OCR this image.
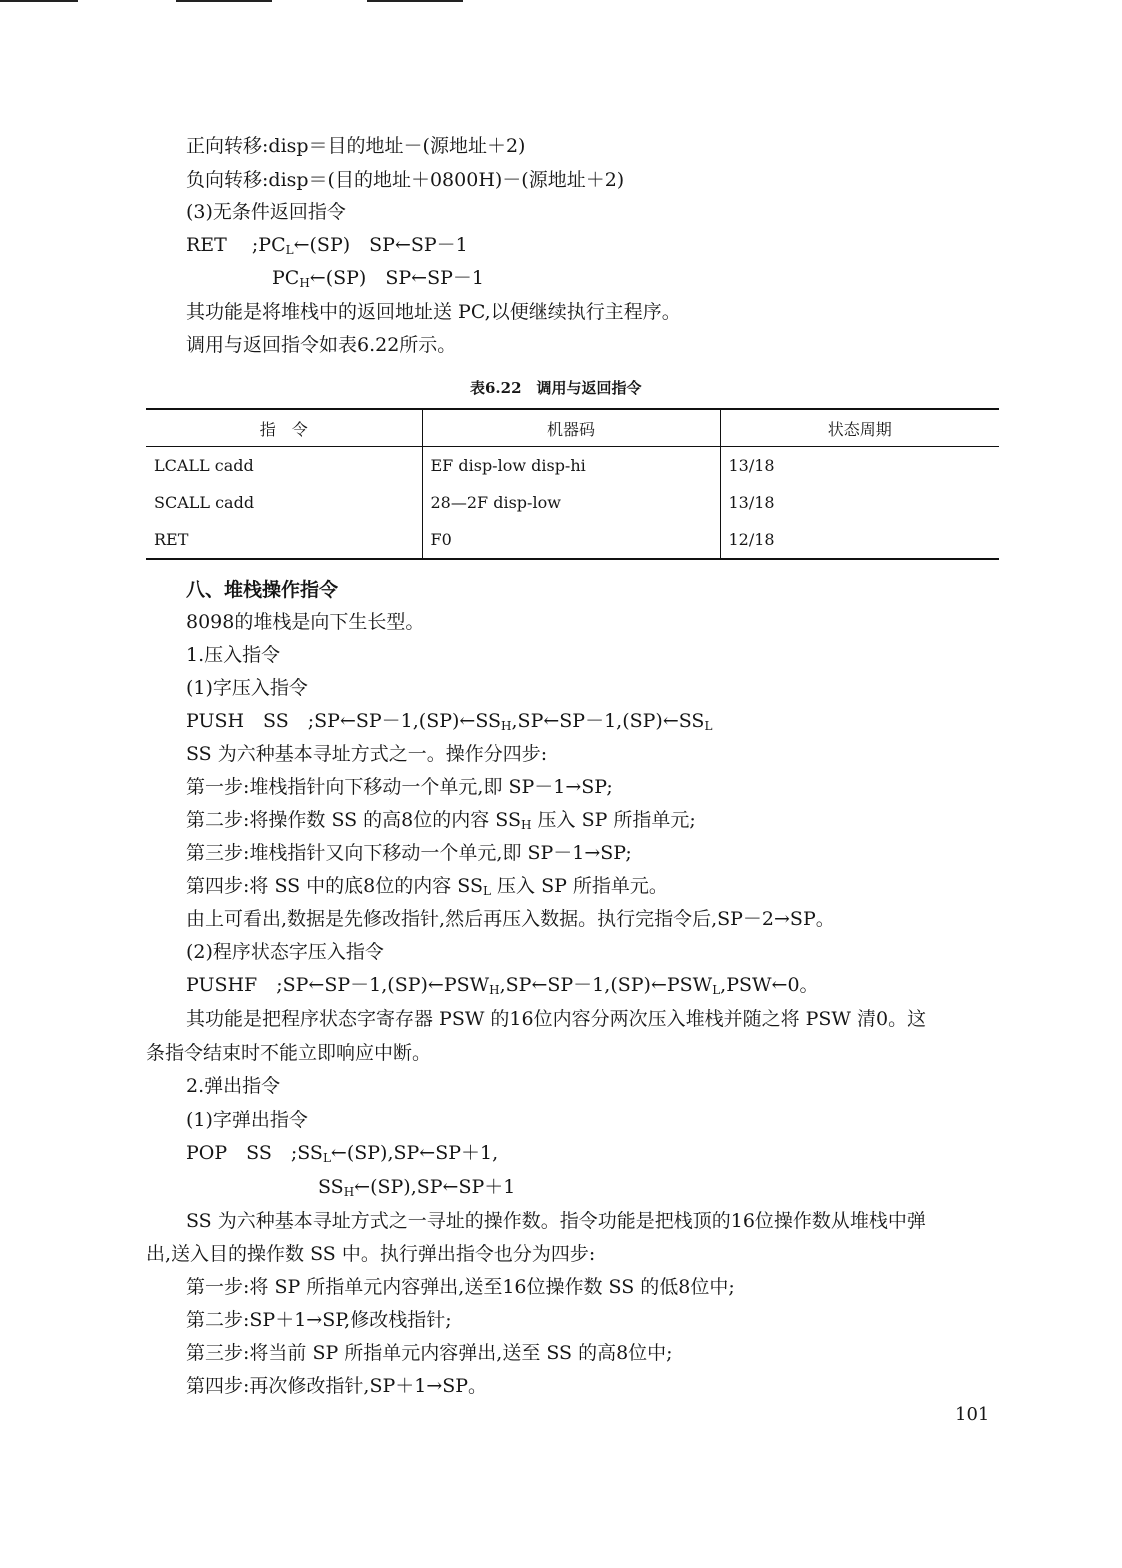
正向转移:disp＝目的地址－(源地址＋2)
负向转移:disp＝(目的地址＋0800H)－(源地址＋2)
(3)无条件返回指令
RET　 $;PC_L\leftarrow(SP)$　SP←SP－1
$PC_H\leftarrow(SP)$　SP←SP－1
其功能是将堆栈中的返回地址送 PC,以便继续执行主程序。
调用与返回指令如表6.22所示。
表6.22　调用与返回指令
指　令	机器码	状态周期
LCALL cadd	EF disp-low disp-hi	13/18
SCALL cadd	28—2F disp-low	13/18
RET	F0	12/18
八、堆栈操作指令
8098的堆栈是向下生长型。
1.压入指令
(1)字压入指令
PUSH　SS　$;SP\leftarrow SP-1,(SP)\leftarrow SS_H,SP\leftarrow SP-1,(SP)\leftarrow SS_L$
SS 为六种基本寻址方式之一。操作分四步:
第一步:堆栈指针向下移动一个单元,即 SP－1→SP;
第二步:将操作数 SS 的高8位的内容 $SS_H$ 压入 SP 所指单元;
第三步:堆栈指针又向下移动一个单元,即 SP－1→SP;
第四步:将 SS 中的底8位的内容 $SS_L$ 压入 SP 所指单元。
由上可看出,数据是先修改指针,然后再压入数据。执行完指令后,SP－2→SP。
(2)程序状态字压入指令
PUSHF　$;SP\leftarrow SP-1,(SP)\leftarrow PSW_H,SP\leftarrow SP-1,(SP)\leftarrow PSW_L,PSW\leftarrow 0$。
其功能是把程序状态字寄存器 PSW 的16位内容分两次压入堆栈并随之将 PSW 清0。这
条指令结束时不能立即响应中断。
2.弹出指令
(1)字弹出指令
POP　SS　$;SS_L\leftarrow(SP),SP\leftarrow SP+1$,
$SS_H\leftarrow(SP),SP\leftarrow SP+1$
SS 为六种基本寻址方式之一寻址的操作数。指令功能是把栈顶的16位操作数从堆栈中弹
出,送入目的操作数 SS 中。执行弹出指令也分为四步:
第一步:将 SP 所指单元内容弹出,送至16位操作数 SS 的低8位中;
第二步:SP＋1→SP,修改栈指针;
第三步:将当前 SP 所指单元内容弹出,送至 SS 的高8位中;
第四步:再次修改指针,SP＋1→SP。
101
